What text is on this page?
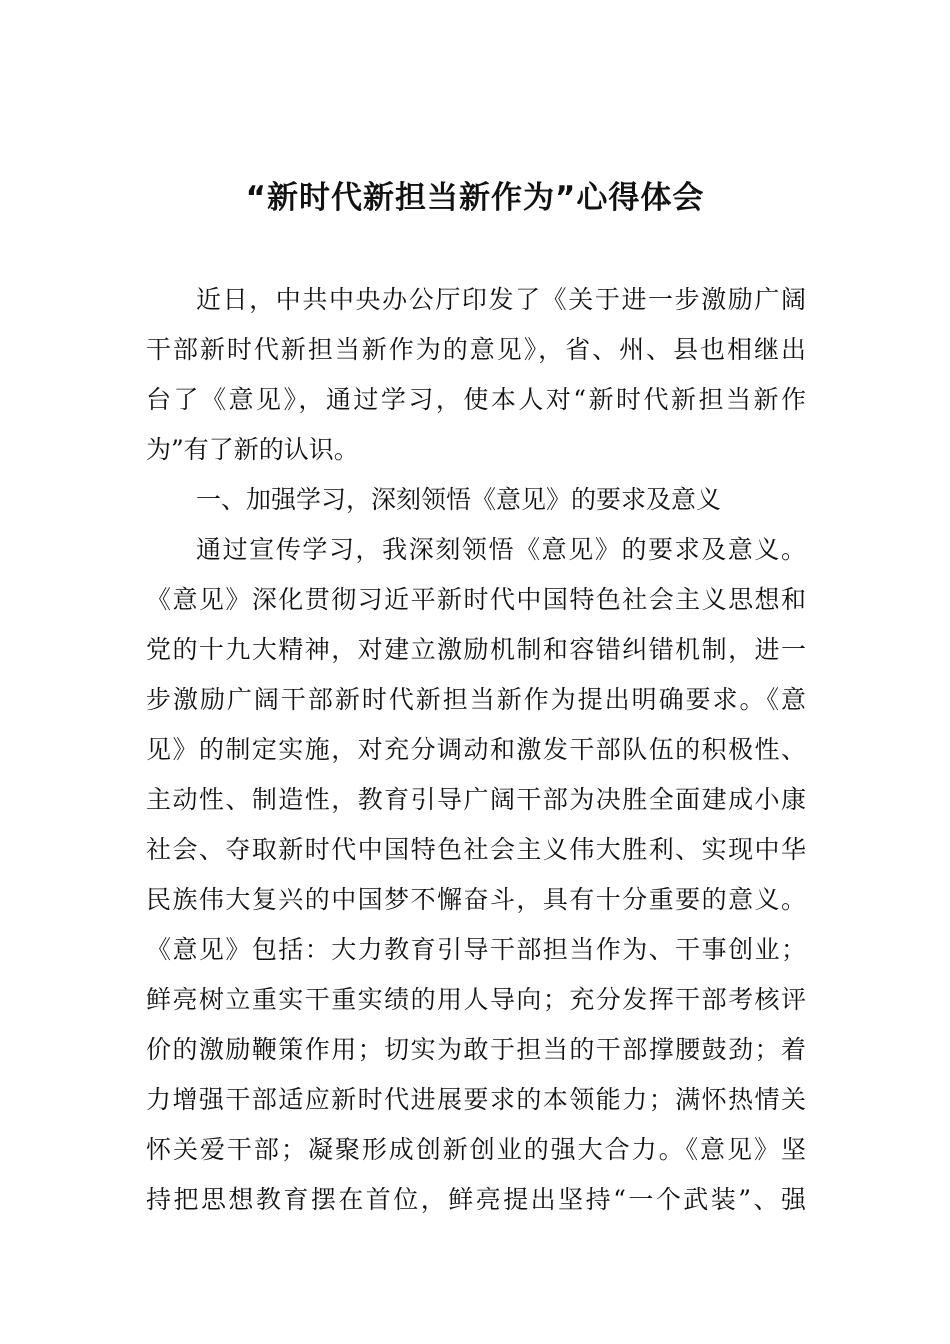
“新时代新担当新作为”心得体会
近日，中共中央办公厅印发了《关于进一步激励广阔
干部新时代新担当新作为的意见》，省、州、县也相继出
台了《意见》，通过学习，使本人对“新时代新担当新作
为”有了新的认识。
一、加强学习，深刻领悟《意见》的要求及意义
通过宣传学习，我深刻领悟《意见》的要求及意义。
《意见》深化贯彻习近平新时代中国特色社会主义思想和
党的十九大精神，对建立激励机制和容错纠错机制，进一
步激励广阔干部新时代新担当新作为提出明确要求。《意
见》的制定实施，对充分调动和激发干部队伍的积极性、
主动性、制造性，教育引导广阔干部为决胜全面建成小康
社会、夺取新时代中国特色社会主义伟大胜利、实现中华
民族伟大复兴的中国梦不懈奋斗，具有十分重要的意义。
《意见》包括：大力教育引导干部担当作为、干事创业；
鲜亮树立重实干重实绩的用人导向；充分发挥干部考核评
价的激励鞭策作用；切实为敢于担当的干部撑腰鼓劲；着
力增强干部适应新时代进展要求的本领能力；满怀热情关
怀关爱干部；凝聚形成创新创业的强大合力。《意见》坚
持把思想教育摆在首位，鲜亮提出坚持“一个武装”、强
